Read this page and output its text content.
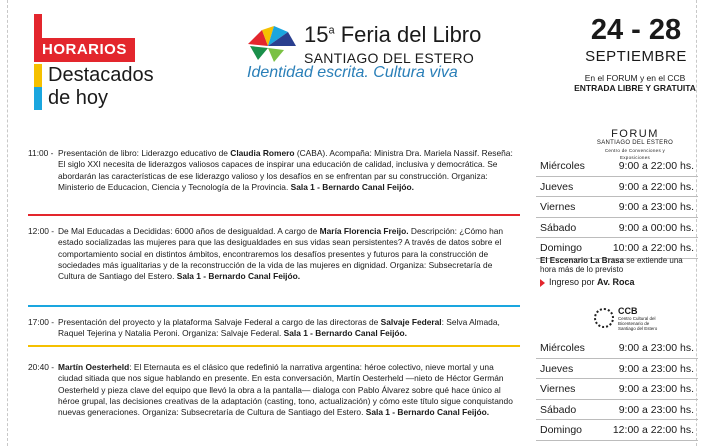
HORARIOS
Destacados
de hoy
15$^a$ Feria del Libro
SANTIAGO DEL ESTERO
Identidad escrita. Cultura viva
24 - 28
SEPTIEMBRE
En el FORUM y en el CCB
ENTRADA LIBRE Y GRATUITA
11:00 - Presentación de libro: Liderazgo educativo de Claudia Romero (CABA). Acompaña: Ministra Dra. Mariela Nassif. Reseña: El siglo XXI necesita de liderazgos valiosos capaces de inspirar una educación de calidad, inclusiva y democrática. Se abordarán las características de ese liderazgo valioso y los desafíos en se enfrentan par su construcción. Organiza: Ministerio de Educacion, Ciencia y Tecnología de la Provincia. Sala 1 - Bernardo Canal Feijóo.
12:00 - De Mal Educadas a Decididas: 6000 años de desigualdad. A cargo de María Florencia Freijo. Descripción: ¿Cómo han estado socializadas las mujeres para que las desigualdades en sus vidas sean persistentes? A través de datos sobre el comportamiento social en distintos ámbitos, encontraremos los desafíos presentes y futuros para la construcción de sociedades más igualitarias y de la reconstrucción de la vida de las mujeres en dignidad. Organiza: Subsecretaría de Cultura de Santiago del Estero. Sala 1 - Bernardo Canal Feijóo.
17:00 - Presentación del proyecto y la plataforma Salvaje Federal a cargo de las directoras de Salvaje Federal: Selva Almada, Raquel Tejerina y Natalia Peroni. Organiza: Salvaje Federal. Sala 1 - Bernardo Canal Feijóo.
20:40 - Martín Oesterheld: El Eternauta es el clásico que redefinió la narrativa argentina: héroe colectivo, nieve mortal y una ciudad sitiada que nos sigue hablando en presente. En esta conversación, Martín Oesterheld —nieto de Héctor Germán Oesterheld y pieza clave del equipo que llevó la obra a la pantalla— dialoga con Pablo Álvarez sobre qué hace único al héroe grupal, las decisiones creativas de la adaptación (casting, tono, actualización) y cómo este título sigue conquistando nuevas generaciones. Organiza: Subsecretaría de Cultura de Santiago del Estero. Sala 1 - Bernardo Canal Feijóo.
FORUM
SANTIAGO DEL ESTERO
Centro de Convenciones y Exposiciones
Miércoles	9:00 a 22:00 hs.
Jueves	9:00 a 22:00 hs.
Viernes	9:00 a 23:00 hs.
Sábado	9:00 a 00:00 hs.
Domingo	10:00 a 22:00 hs.
El Escenario La Brasa se extiende una hora más de lo previsto
Ingreso por Av. Roca
CCB
Centro Cultural del Bicentenario de Santiago del Estero
Miércoles	9:00 a 23:00 hs.
Jueves	9:00 a 23:00 hs.
Viernes	9:00 a 23:00 hs.
Sábado	9:00 a 23:00 hs.
Domingo	12:00 a 22:00 hs.
